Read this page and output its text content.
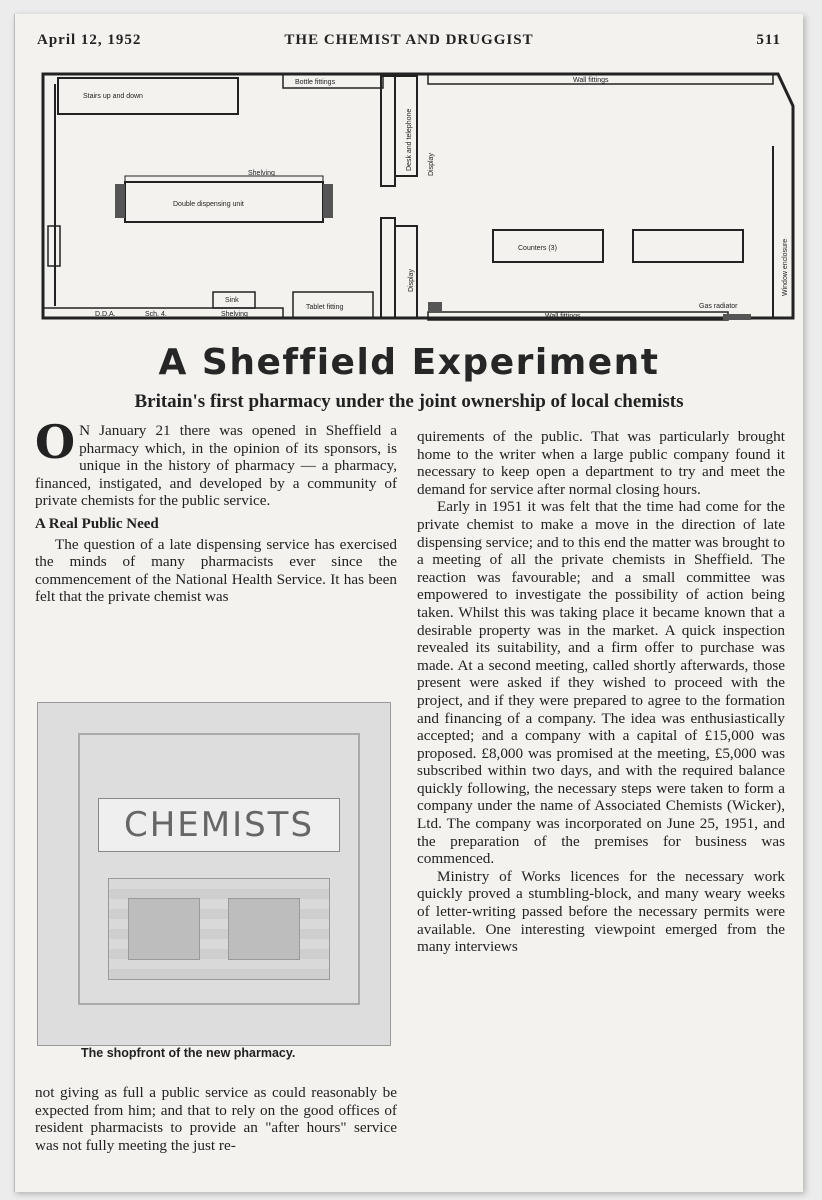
April 12, 1952	THE CHEMIST AND DRUGGIST	511
Stairs up and down
Bottle fittings
Desk and telephone Display
Wall fittings
Shelving
Double dispensing unit
Counters (3)	Window enclosure
Display
Sink
D.D.A.	Sch. 4.	Shelving
Tablet fitting
Wall fittings
Gas radiator
A Sheffield Experiment
Britain's first pharmacy under the joint ownership of local chemists

O N January 21 there was opened in Sheffield a pharmacy which, in the opinion of its sponsors, is unique in the history of pharmacy — a pharmacy, financed, instigated, and developed by a community of private chemists for the public service.

A Real Public Need

The question of a late dispensing service has exercised the minds of many pharmacists ever since the commencement of the National Health Service. It has been felt that the private chemist was

CHEMISTS
The shopfront of the new pharmacy.

not giving as full a public service as could reasonably be expected from him; and that to rely on the good offices of resident pharmacists to provide an "after hours" service was not fully meeting the just re-

quirements of the public. That was particularly brought home to the writer when a large public company found it necessary to keep open a department to try and meet the demand for service after normal closing hours.

Early in 1951 it was felt that the time had come for the private chemist to make a move in the direction of late dispensing service; and to this end the matter was brought to a meeting of all the private chemists in Sheffield. The reaction was favourable; and a small committee was empowered to investigate the possibility of action being taken. Whilst this was taking place it became known that a desirable property was in the market. A quick inspection revealed its suitability, and a firm offer to purchase was made. At a second meeting, called shortly afterwards, those present were asked if they wished to proceed with the project, and if they were prepared to agree to the formation and financing of a company. The idea was enthusiastically accepted; and a company with a capital of £15,000 was proposed. £8,000 was promised at the meeting, £5,000 was subscribed within two days, and with the required balance quickly following, the necessary steps were taken to form a company under the name of Associated Chemists (Wicker), Ltd. The company was incorporated on June 25, 1951, and the preparation of the premises for business was commenced.

Ministry of Works licences for the necessary work quickly proved a stumbling-block, and many weary weeks of letter-writing passed before the necessary permits were available. One interesting viewpoint emerged from the many interviews
